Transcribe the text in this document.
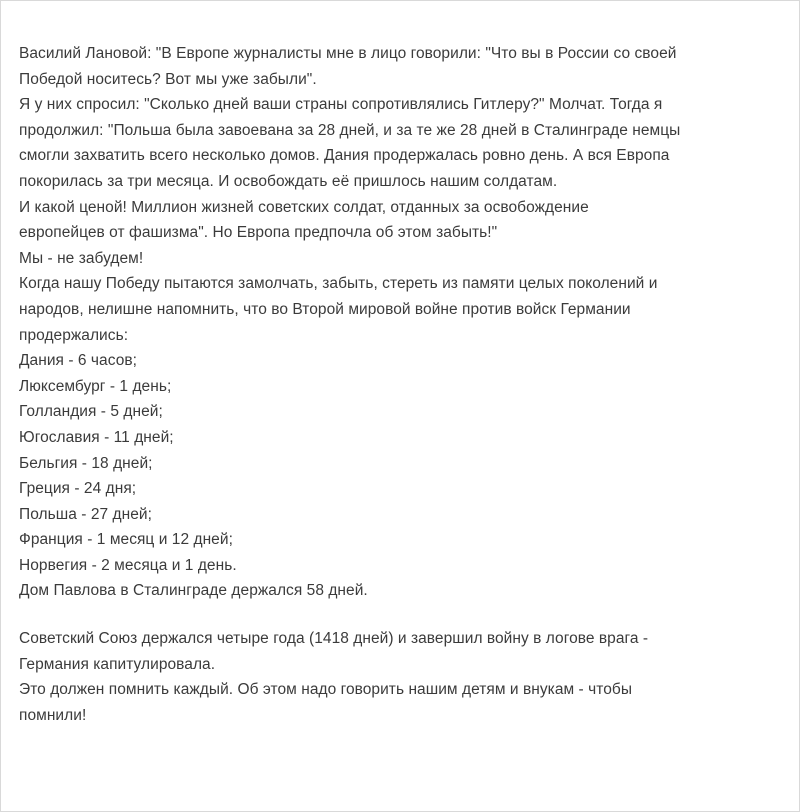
Василий Лановой: "В Европе журналисты мне в лицо говорили: "Что вы в России со своей

Победой носитесь? Вот мы уже забыли".

Я у них спросил: "Сколько дней ваши страны сопротивлялись Гитлеру?" Молчат. Тогда я

продолжил: "Польша была завоевана за 28 дней, и за те же 28 дней в Сталинграде немцы

смогли захватить всего несколько домов. Дания продержалась ровно день. А вся Европа

покорилась за три месяца. И освобождать её пришлось нашим солдатам.

И какой ценой! Миллион жизней советских солдат, отданных за освобождение

европейцев от фашизма". Но Европа предпочла об этом забыть!"

Мы - не забудем!

Когда нашу Победу пытаются замолчать, забыть, стереть из памяти целых поколений и

народов, нелишне напомнить, что во Второй мировой войне против войск Германии

продержались:

Дания - 6 часов;

Люксембург - 1 день;

Голландия - 5 дней;

Югославия - 11 дней;

Бельгия - 18 дней;

Греция - 24 дня;

Польша - 27 дней;

Франция - 1 месяц и 12 дней;

Норвегия - 2 месяца и 1 день.

Дом Павлова в Сталинграде держался 58 дней.

Советский Союз держался четыре года (1418 дней) и завершил войну в логове врага -

Германия капитулировала.

Это должен помнить каждый. Об этом надо говорить нашим детям и внукам - чтобы

помнили!
